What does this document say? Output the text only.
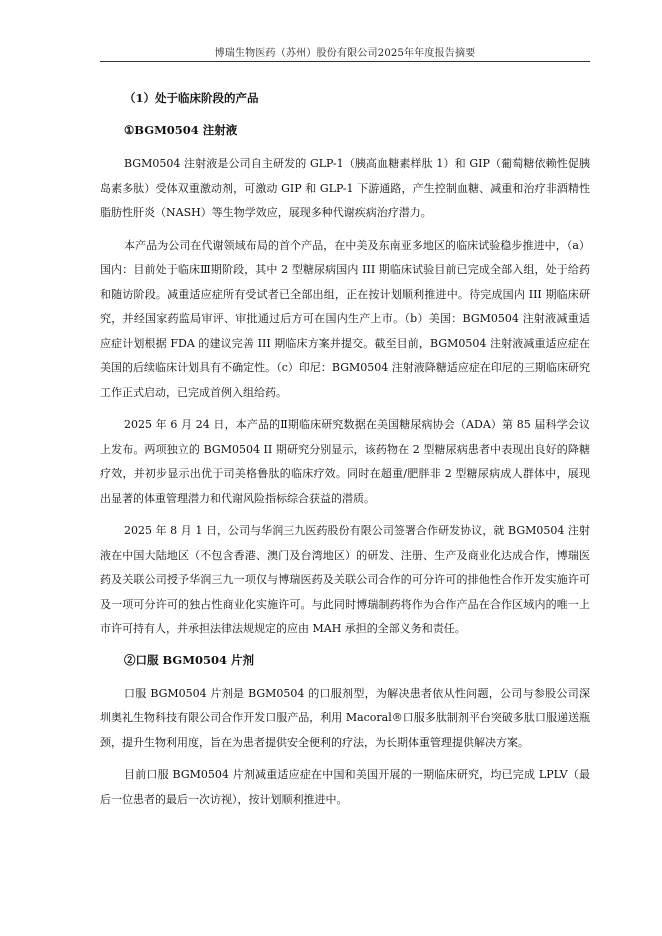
博瑞生物医药（苏州）股份有限公司2025年年度报告摘要
（1）处于临床阶段的产品
①BGM0504 注射液

BGM0504 注射液是公司自主研发的 GLP-1（胰高血糖素样肽 1）和 GIP（葡萄糖依赖性促胰岛素多肽）受体双重激动剂，可激动 GIP 和 GLP-1 下游通路，产生控制血糖、减重和治疗非酒精性脂肪性肝炎（NASH）等生物学效应，展现多种代谢疾病治疗潜力。

本产品为公司在代谢领域布局的首个产品，在中美及东南亚多地区的临床试验稳步推进中，（a）国内：目前处于临床Ⅲ期阶段，其中 2 型糖尿病国内 III 期临床试验目前已完成全部入组，处于给药和随访阶段。减重适应症所有受试者已全部出组，正在按计划顺利推进中。待完成国内 III 期临床研究，并经国家药监局审评、审批通过后方可在国内生产上市。（b）美国：BGM0504 注射液减重适应症计划根据 FDA 的建议完善 III 期临床方案并提交。截至目前，BGM0504 注射液减重适应症在美国的后续临床计划具有不确定性。（c）印尼：BGM0504 注射液降糖适应症在印尼的三期临床研究工作正式启动，已完成首例入组给药。

2025 年 6 月 24 日，本产品的Ⅱ期临床研究数据在美国糖尿病协会（ADA）第 85 届科学会议上发布。两项独立的 BGM0504 II 期研究分别显示，该药物在 2 型糖尿病患者中表现出良好的降糖疗效，并初步显示出优于司美格鲁肽的临床疗效。同时在超重/肥胖非 2 型糖尿病成人群体中，展现出显著的体重管理潜力和代谢风险指标综合获益的潜质。

2025 年 8 月 1 日，公司与华润三九医药股份有限公司签署合作研发协议，就 BGM0504 注射液在中国大陆地区（不包含香港、澳门及台湾地区）的研发、注册、生产及商业化达成合作，博瑞医药及关联公司授予华润三九一项仅与博瑞医药及关联公司合作的可分许可的排他性合作开发实施许可及一项可分许可的独占性商业化实施许可。与此同时博瑞制药将作为合作产品在合作区域内的唯一上市许可持有人，并承担法律法规规定的应由 MAH 承担的全部义务和责任。

②口服 BGM0504 片剂

口服 BGM0504 片剂是 BGM0504 的口服剂型，为解决患者依从性问题，公司与参股公司深圳奥礼生物科技有限公司合作开发口服产品，利用 Macoral®口服多肽制剂平台突破多肽口服递送瓶颈，提升生物利用度，旨在为患者提供安全便利的疗法，为长期体重管理提供解决方案。

目前口服 BGM0504 片剂减重适应症在中国和美国开展的一期临床研究，均已完成 LPLV（最后一位患者的最后一次访视），按计划顺利推进中。
